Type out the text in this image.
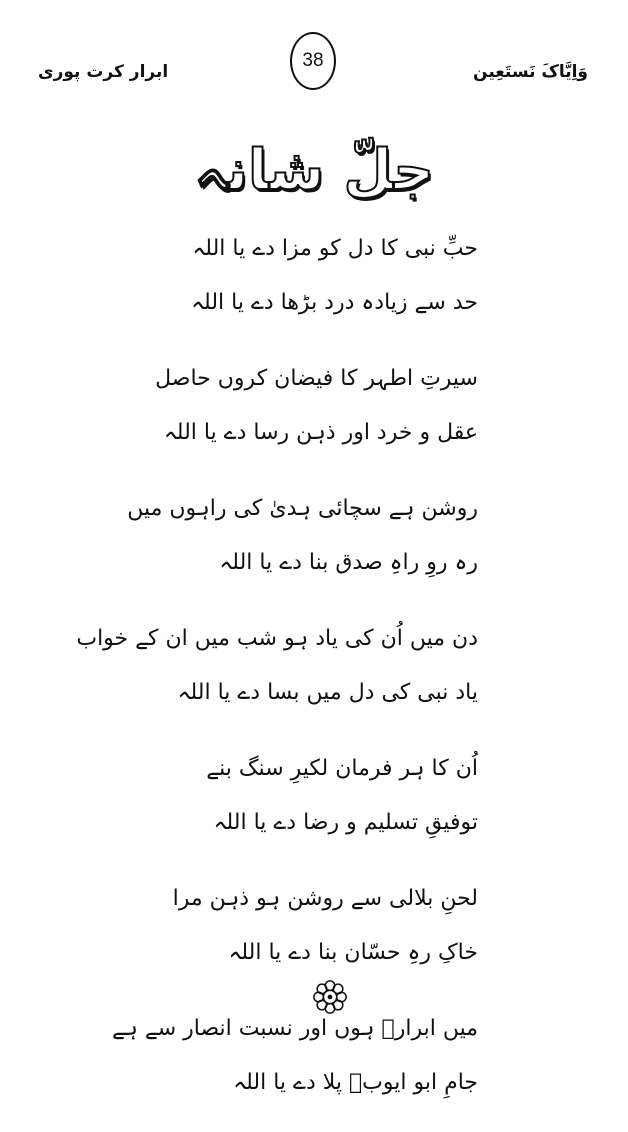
ابرار کرت پوری
38
وَاِیَّاکَ نَستَعِین
جلّ شانہ
حبِّ نبی کا دل کو مزا دے یا اللہ
حد سے زیادہ درد بڑھا دے یا اللہ
سیرتِ اطہر کا فیضان کروں حاصل
عقل و خرد اور ذہن رسا دے یا اللہ
روشن ہے سچائی ہدیٰ کی راہوں میں
رہ روِ راہِ صدق بنا دے یا اللہ
دن میں اُن کی یاد ہو شب میں ان کے خواب
یاد نبی کی دل میں بسا دے یا اللہ
اُن کا ہر فرمان لکیرِ سنگ بنے
توفیقِ تسلیم و رضا دے یا اللہ
لحنِ بلالی سے روشن ہو ذہن مرا
خاکِ رہِ حسّان بنا دے یا اللہ
میں ابرارؔ ہوں اور نسبت انصار سے ہے
جامِ ابو ایوبؓ پلا دے یا اللہ
